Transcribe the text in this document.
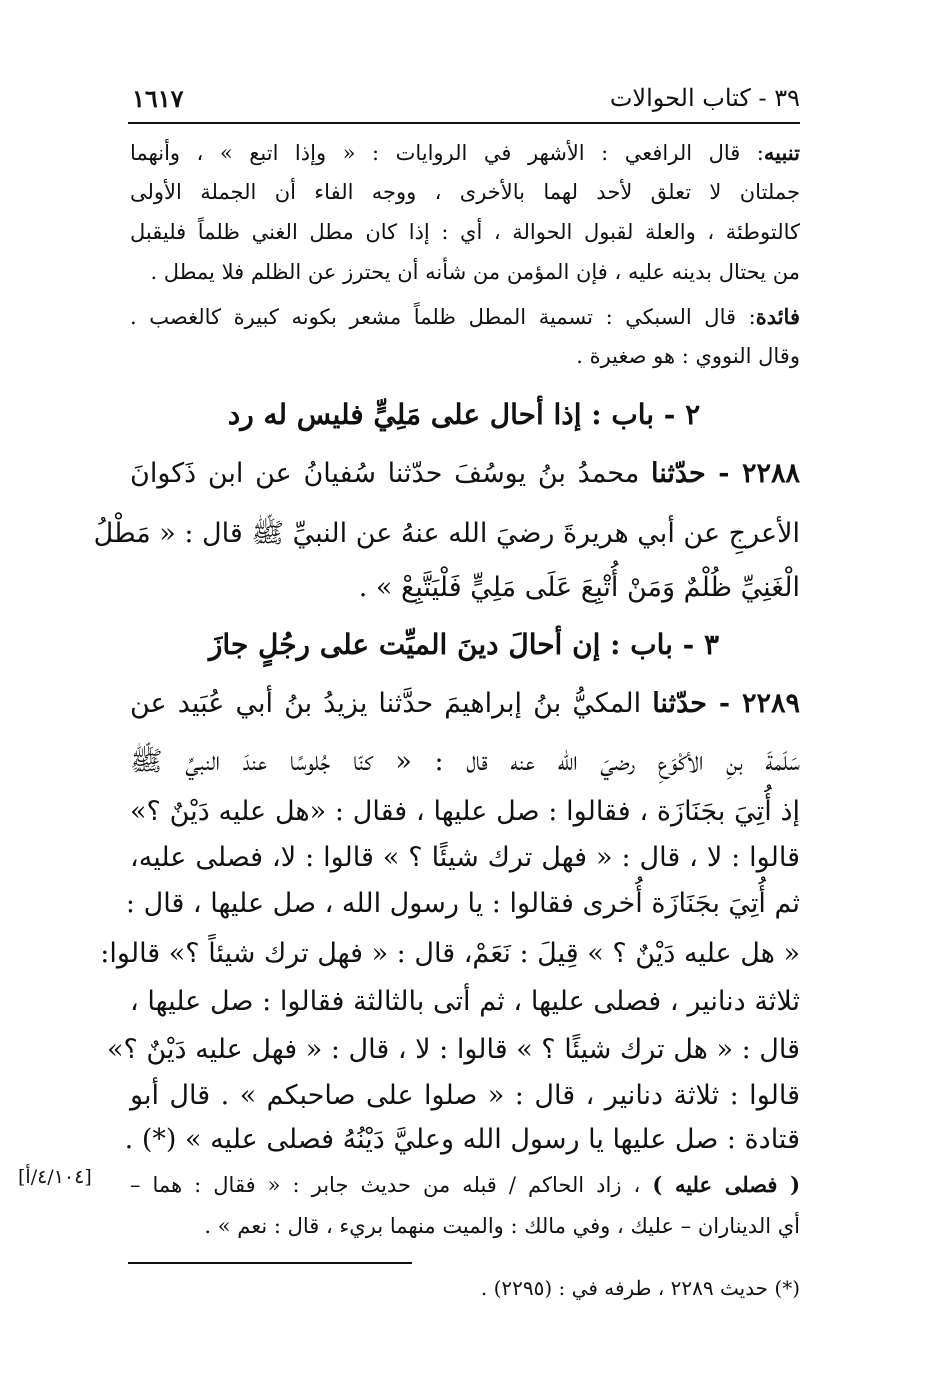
٣٩ - كتاب الحوالات
١٦١٧
تنبيه: قال الرافعي : الأشهر في الروايات : « وإذا اتبع » ، وأنهما
جملتان لا تعلق لأحد لهما بالأخرى ، ووجه الفاء أن الجملة الأولى
كالتوطئة ، والعلة لقبول الحوالة ، أي : إذا كان مطل الغني ظلماً فليقبل
من يحتال بدينه عليه ، فإن المؤمن من شأنه أن يحترز عن الظلم فلا يمطل .
فائدة: قال السبكي : تسمية المطل ظلماً مشعر بكونه كبيرة كالغصب .
وقال النووي : هو صغيرة .
٢ - باب : إذا أحال على مَلِيٍّ فليس له رد
٢٢٨٨ - حدّثنا محمدُ بنُ يوسُفَ حدّثنا سُفيانُ عن ابن ذَكوانَ
الأعرجِ عن أبي هريرةَ رضيَ الله عنهُ عن النبيِّ ﷺ قال : « مَطْلُ
الْغَنِيِّ ظُلْمٌ وَمَنْ أُتْبِعَ عَلَى مَلِيٍّ فَلْيَتَّبِعْ » .
٣ - باب : إن أحالَ دينَ الميِّت على رجُلٍ جازَ
٢٢٨٩ - حدّثنا المكيُّ بنُ إبراهيمَ حدَّثنا يزيدُ بنُ أبي عُبَيد عن
سَلَمةَ بنِ الأكْوَعِ رضيَ الله عنه قال : « كنّا جُلوسًا عندَ النبيِّ ﷺ
إذ أُتِيَ بجَنَازَة ، فقالوا : صل عليها ، فقال : «هل عليه دَيْنٌ ؟»
قالوا : لا ، قال : « فهل ترك شيئًا ؟ » قالوا : لا، فصلى عليه،
ثم أُتِيَ بجَنَازَة أُخرى فقالوا : يا رسول الله ، صل عليها ، قال :
« هل عليه دَيْنٌ ؟ » قِيلَ : نَعَمْ، قال : « فهل ترك شيئاً ؟» قالوا:
ثلاثة دنانير ، فصلى عليها ، ثم أتى بالثالثة فقالوا : صل عليها ،
قال : « هل ترك شيئًا ؟ » قالوا : لا ، قال : « فهل عليه دَيْنٌ ؟»
قالوا : ثلاثة دنانير ، قال : « صلوا على صاحبكم » . قال أبو
قتادة : صل عليها يا رسول الله وعليَّ دَيْنُهُ فصلى عليه » (*) .
( فصلى عليه ) ، زاد الحاكم / قبله من حديث جابر : « فقال : هما –
[٤/١٠٤/أ]
أي الديناران – عليك ، وفي مالك : والميت منهما بريء ، قال : نعم » .
(*) حديث ٢٢٨٩ ، طرفه في : (٢٢٩٥) .
